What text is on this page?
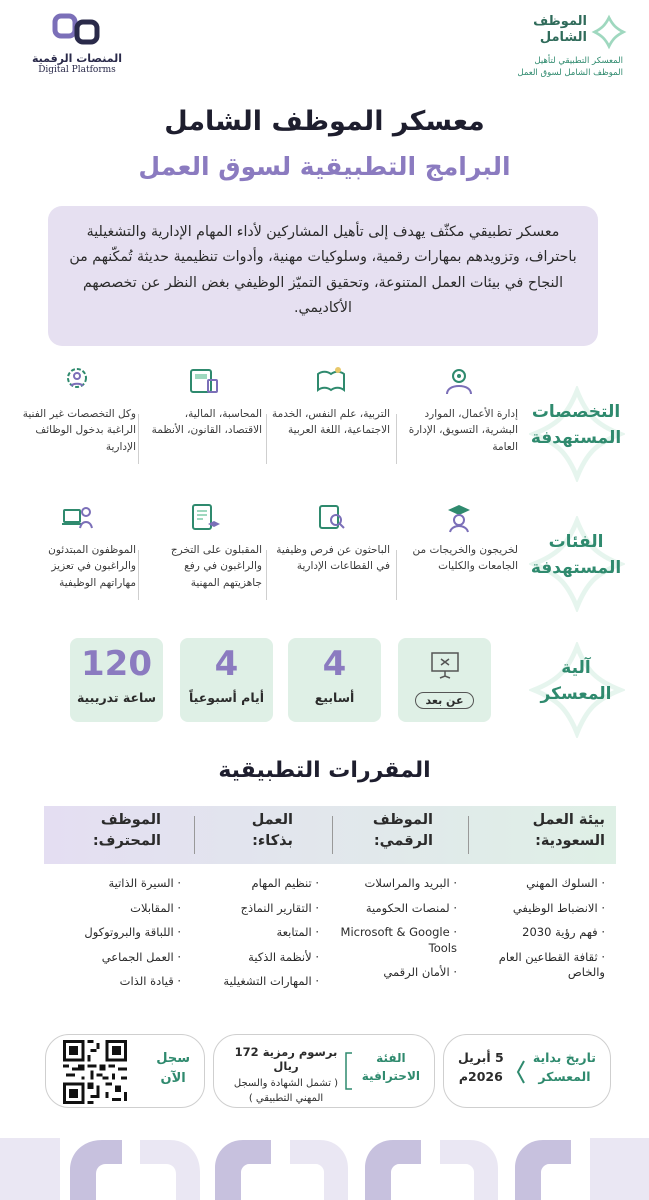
الموظف
الشامل
المعسكر التطبيقي لتأهيل
الموظف الشامل لسوق العمل
المنصات الرقمية
Digital Platforms
معسكر الموظف الشامل
البرامج التطبيقية لسوق العمل
معسكر تطبيقي مكثّف يهدف إلى تأهيل المشاركين لأداء المهام الإدارية والتشغيلية باحتراف، وتزويدهم بمهارات رقمية، وسلوكيات مهنية، وأدوات تنظيمية حديثة تُمكّنهم من النجاح في بيئات العمل المتنوعة، وتحقيق التميّز الوظيفي بغض النظر عن تخصصهم الأكاديمي.
التخصصات
المستهدفة
إدارة الأعمال، الموارد البشرية، التسويق، الإدارة العامة
التربية، علم النفس، الخدمة الاجتماعية، اللغة العربية
المحاسبة، المالية، الاقتصاد، القانون، الأنظمة
وكل التخصصات غير الفنية الراغبة بدخول الوظائف الإدارية
الفئات
المستهدفة
لخريجون والخريجات من الجامعات والكليات
الباحثون عن فرص وظيفية في القطاعات الإدارية
المقبلون على التخرج والراغبون في رفع جاهزيتهم المهنية
الموظفون المبتدئون والراغبون في تعزيز مهاراتهم الوظيفية
آلية
المعسكر
عن بعد
4
أسابيع
4
أيام أسبوعياً
120
ساعة تدريبية
المقررات التطبيقية
بيئة العمل
السعودية:
الموظف
الرقمي:
العمل
بذكاء:
الموظف
المحترف:
· السلوك المهني
· الانضباط الوظيفي
· فهم رؤية 2030
· ثقافة القطاعين العام والخاص
· البريد والمراسلات
· لمنصات الحكومية
· Microsoft & Google Tools
· الأمان الرقمي
· تنظيم المهام
· التقارير النماذج
· المتابعة
· لأنظمة الذكية
· المهارات التشغيلية
· السيرة الذاتية
· المقابلات
· اللباقة والبروتوكول
· العمل الجماعي
· قيادة الذات
تاريخ بداية
المعسكر
5 أبريل
2026م
الفئة
الاحترافية
برسوم رمزية 172 ريال
( تشمل الشهادة والسجل المهني التطبيقي )
سجل
الآن
